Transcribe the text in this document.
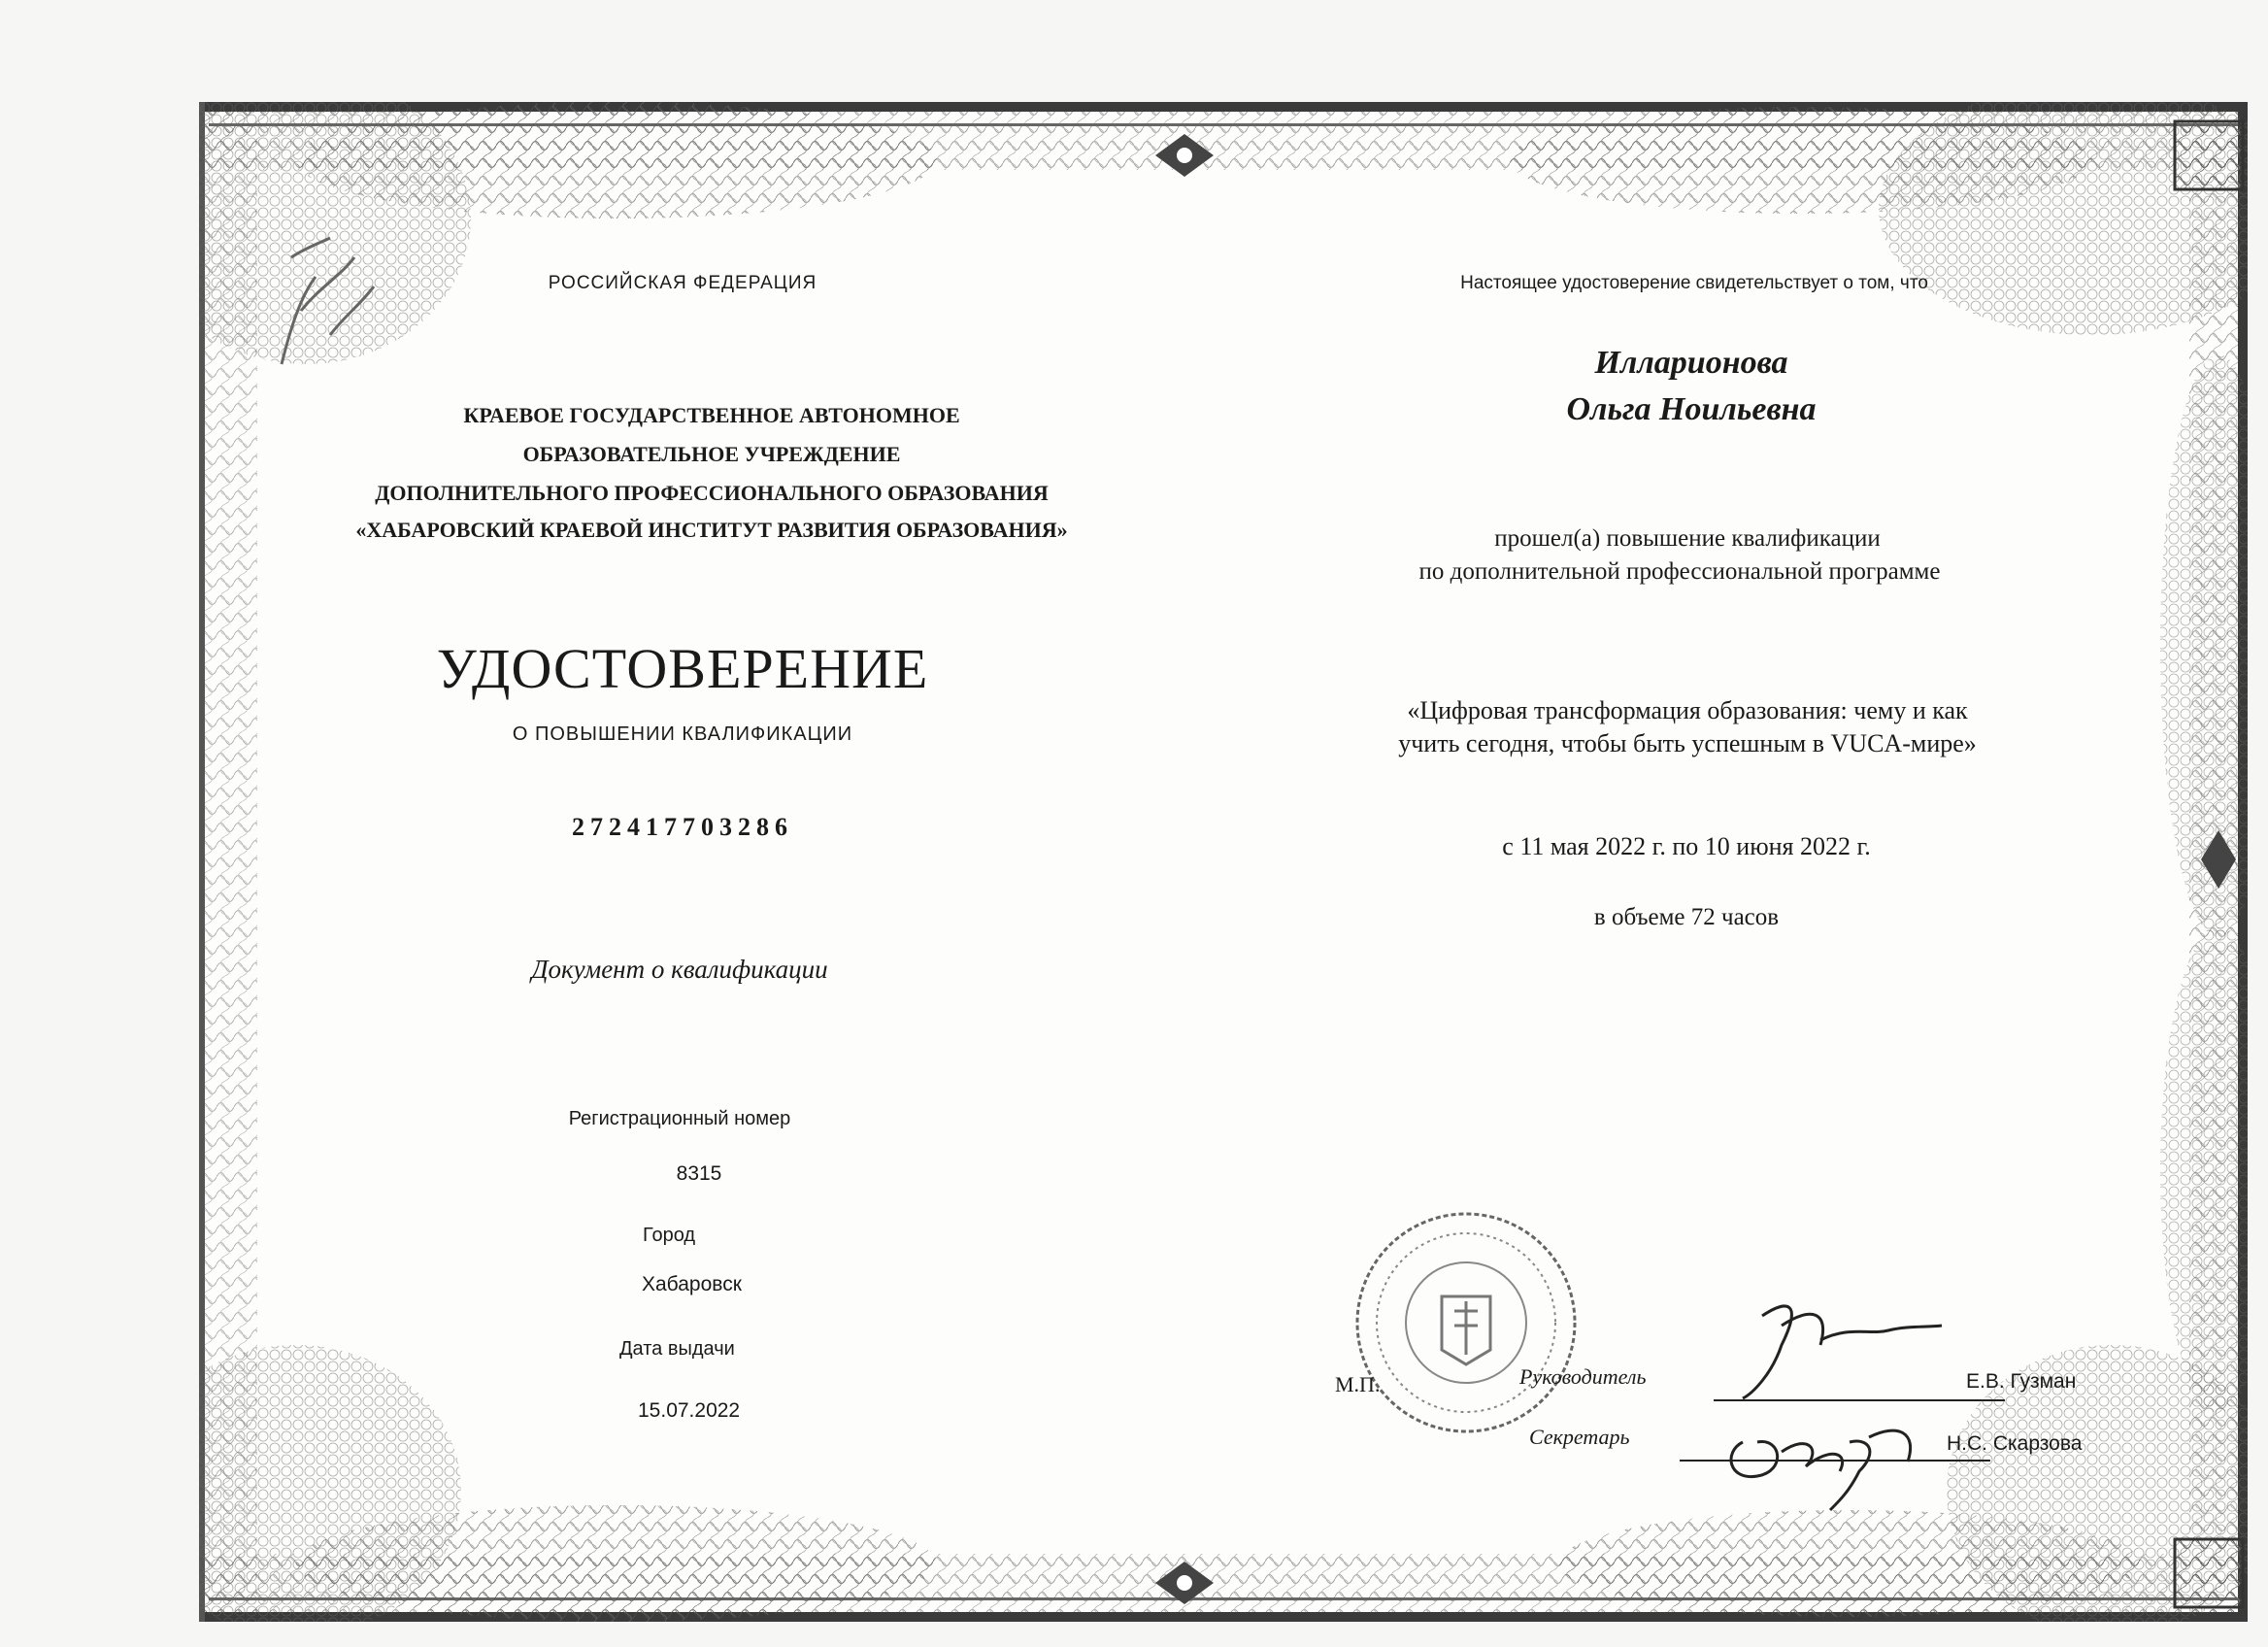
РОССИЙСКАЯ ФЕДЕРАЦИЯ
КРАЕВОЕ ГОСУДАРСТВЕННОЕ АВТОНОМНОЕ
ОБРАЗОВАТЕЛЬНОЕ УЧРЕЖДЕНИЕ
ДОПОЛНИТЕЛЬНОГО ПРОФЕССИОНАЛЬНОГО ОБРАЗОВАНИЯ
«ХАБАРОВСКИЙ КРАЕВОЙ ИНСТИТУТ РАЗВИТИЯ ОБРАЗОВАНИЯ»
УДОСТОВЕРЕНИЕ
О ПОВЫШЕНИИ КВАЛИФИКАЦИИ
272417703286
Документ о квалификации
Регистрационный номер
8315
Город
Хабаровск
Дата выдачи
15.07.2022
Настоящее удостоверение свидетельствует о том, что
Илларионова
Ольга Ноильевна
прошел(а) повышение квалификации
по дополнительной профессиональной программе
«Цифровая трансформация образования: чему и как
учить сегодня, чтобы быть успешным в VUCA-мире»
с 11 мая 2022 г. по 10 июня 2022 г.
в объеме 72 часов
М.П.	Руководитель	Е.В. Гузман
Секретарь	Н.С. Скарзова
